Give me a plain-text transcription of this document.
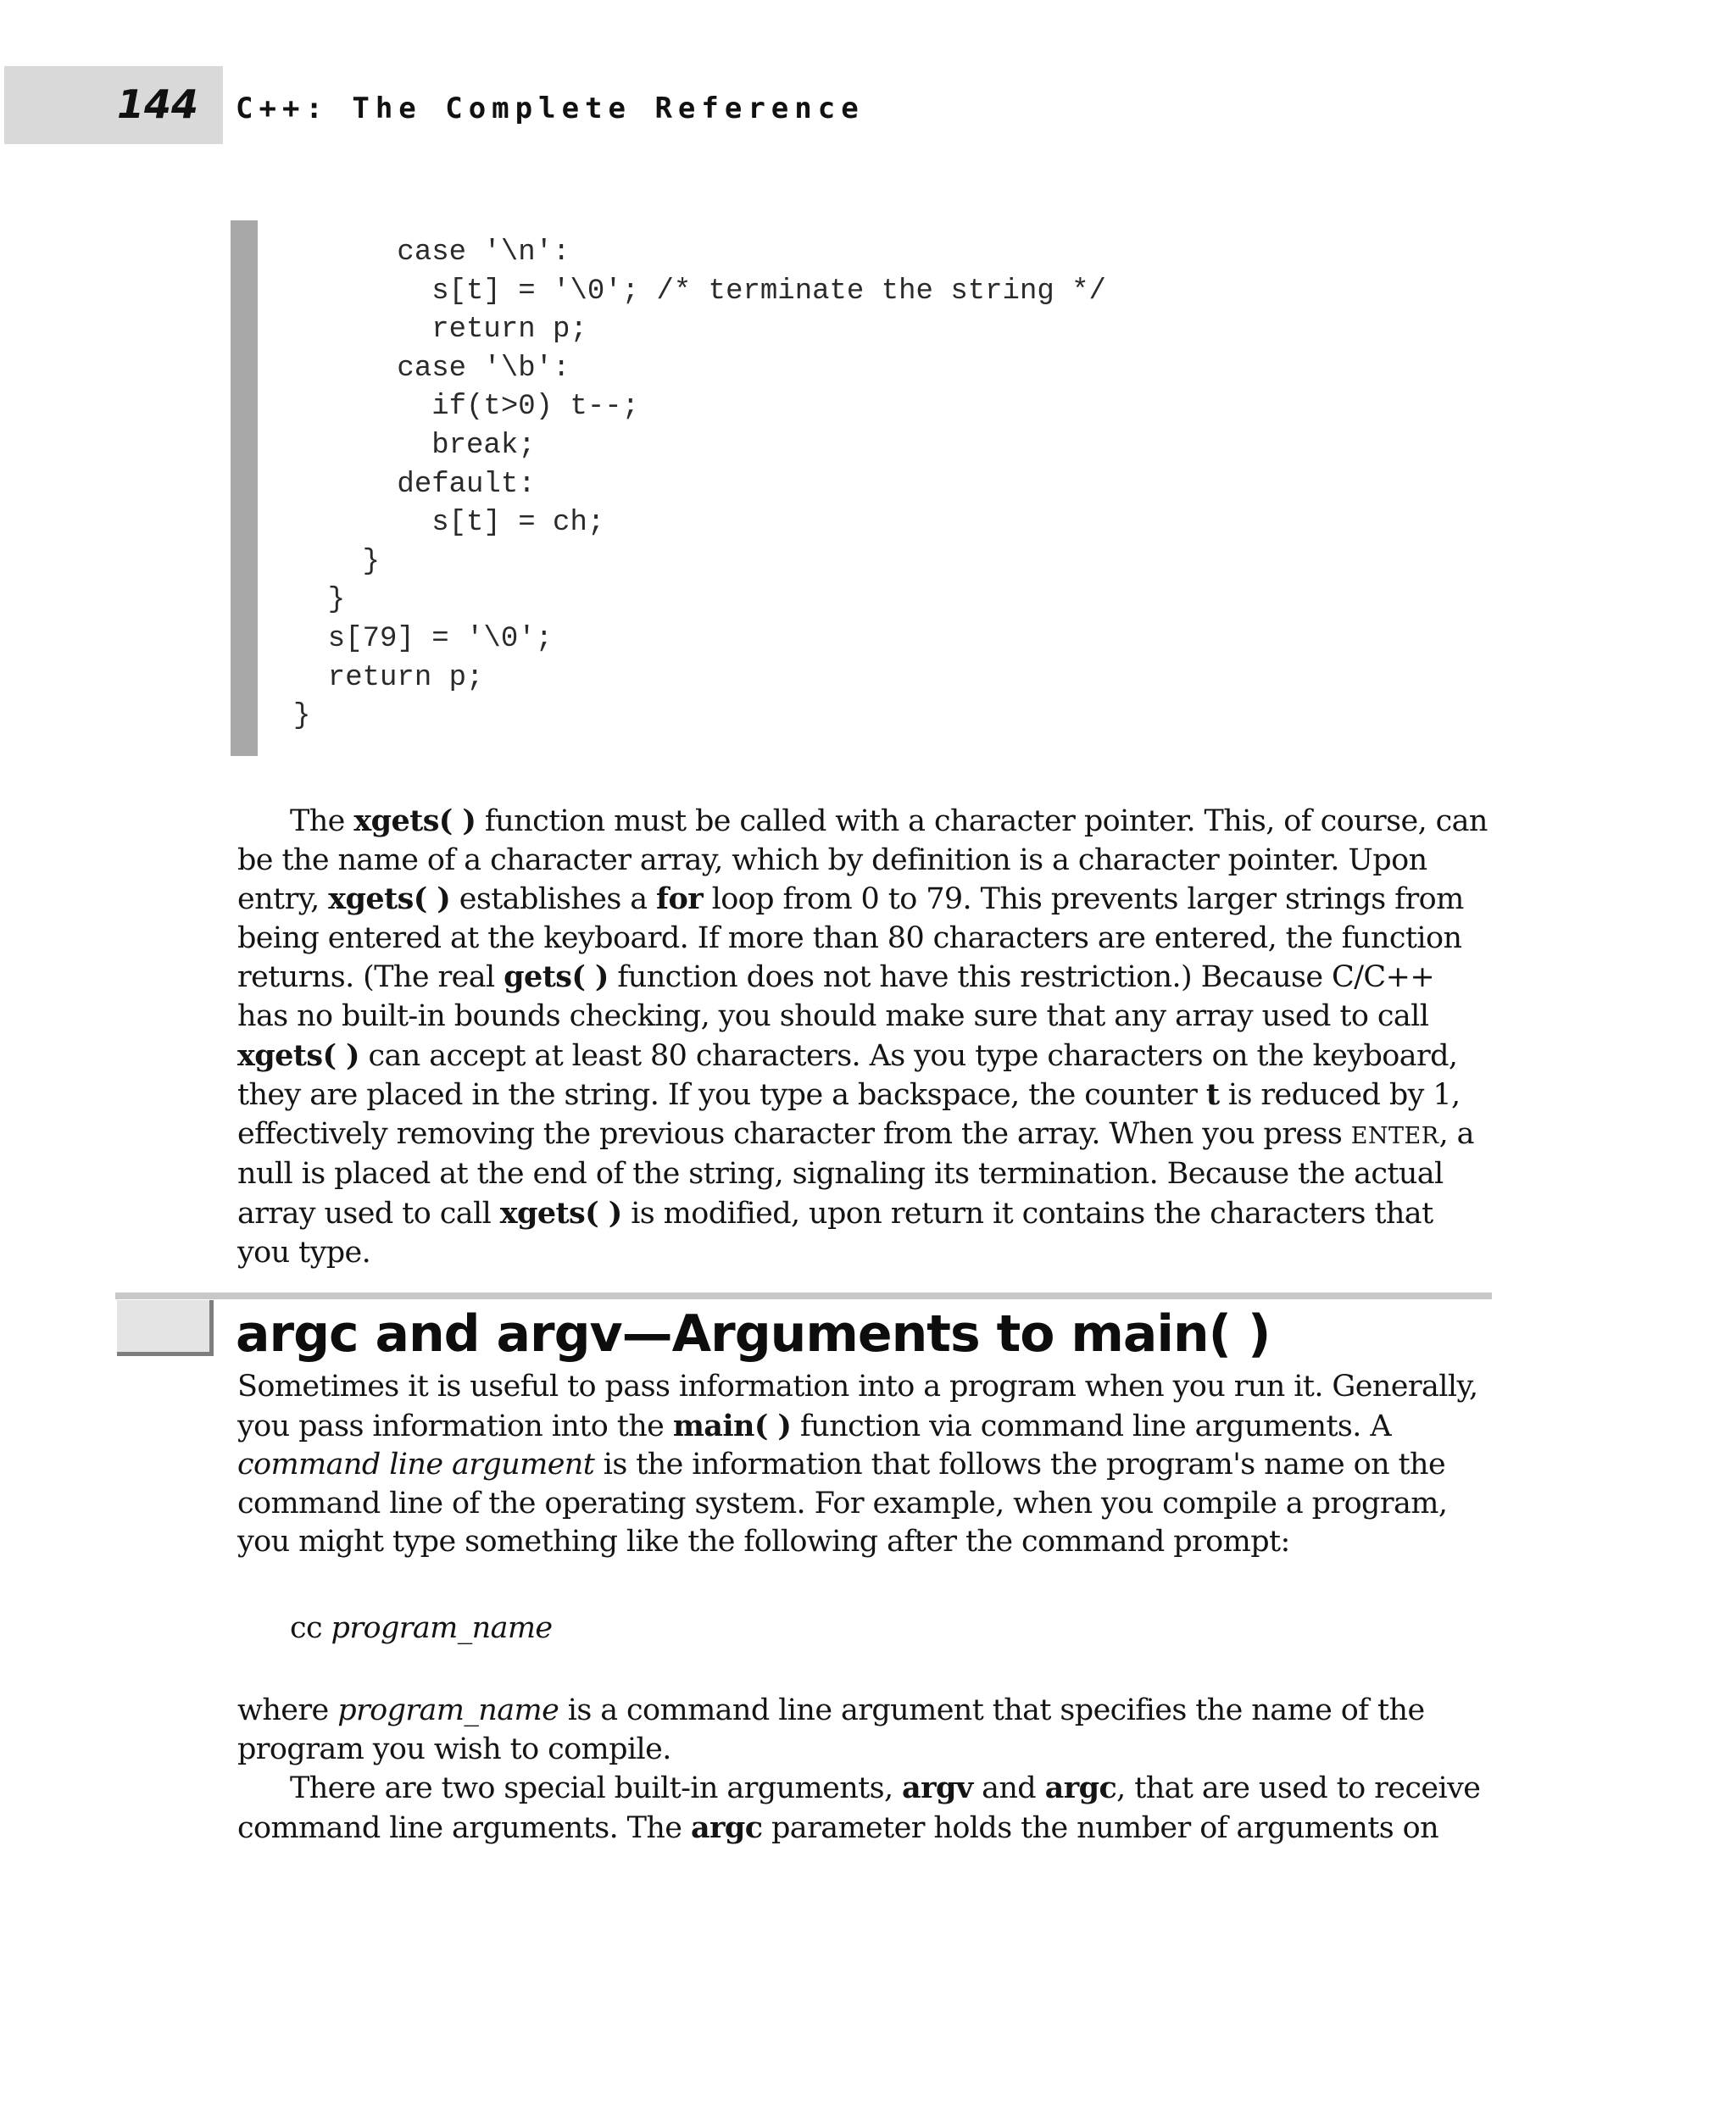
144 C++: The Complete Reference
case '\n':
s[t] = '\0'; /* terminate the string */
return p;
case '\b':
if(t>0) t--;
break;
default:
s[t] = ch;
}
}
s[79] = '\0';
return p;
}

The xgets( ) function must be called with a character pointer. This, of course, can be the name of a character array, which by definition is a character pointer. Upon entry, xgets( ) establishes a for loop from 0 to 79. This prevents larger strings from being entered at the keyboard. If more than 80 characters are entered, the function returns. (The real gets( ) function does not have this restriction.) Because C/C++ has no built-in bounds checking, you should make sure that any array used to call xgets( ) can accept at least 80 characters. As you type characters on the keyboard, they are placed in the string. If you type a backspace, the counter t is reduced by 1, effectively removing the previous character from the array. When you press ENTER, a null is placed at the end of the string, signaling its termination. Because the actual array used to call xgets( ) is modified, upon return it contains the characters that you type.

argc and argv—Arguments to main( )

Sometimes it is useful to pass information into a program when you run it. Generally, you pass information into the main( ) function via command line arguments. A command line argument is the information that follows the program's name on the command line of the operating system. For example, when you compile a program, you might type something like the following after the command prompt:

cc program_name

where program_name is a command line argument that specifies the name of the program you wish to compile.

There are two special built-in arguments, argv and argc, that are used to receive command line arguments. The argc parameter holds the number of arguments on
